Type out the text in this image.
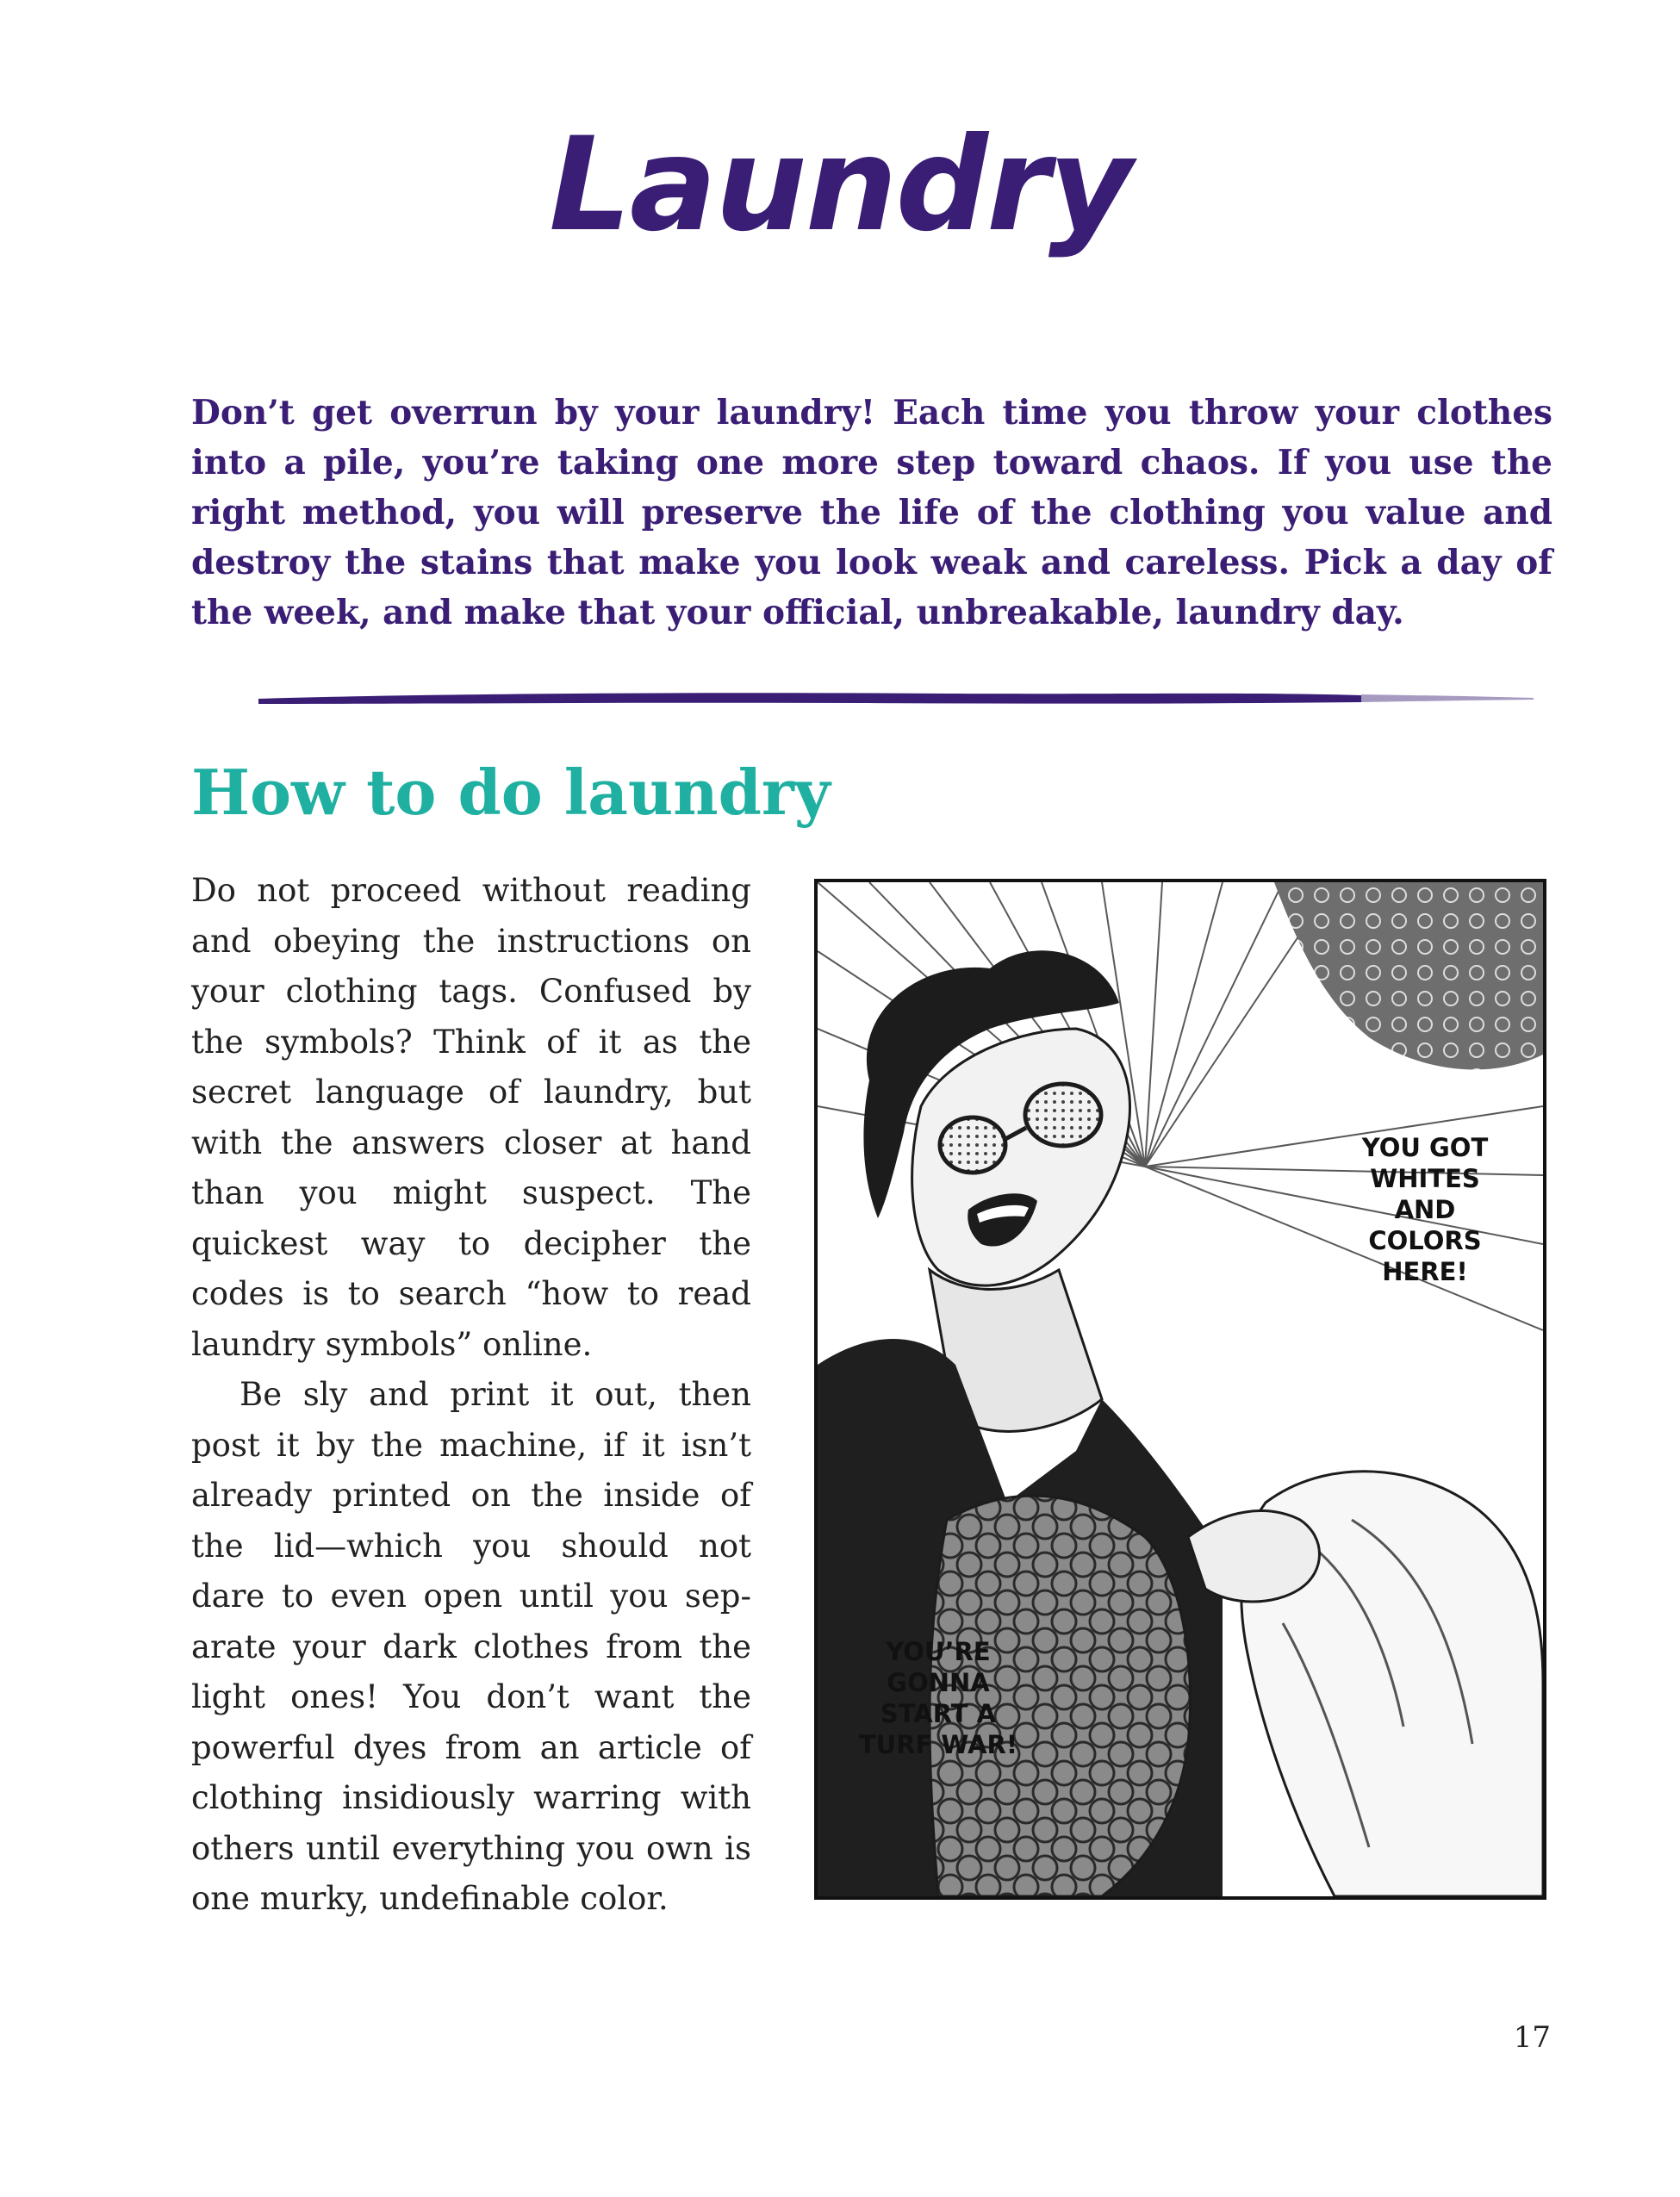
Laundry

Don’t get overrun by your laundry! Each time you throw your clothes into a pile, you’re taking one more step toward chaos. If you use the right method, you will preserve the life of the clothing you value and destroy the stains that make you look weak and careless. Pick a day of the week, and make that your official, unbreakable, laundry day.

How to do laundry

Do not proceed without reading and obeying the instructions on your clothing tags. Confused by the symbols? Think of it as the secret language of laundry, but with the answers closer at hand than you might suspect. The quickest way to decipher the codes is to search “how to read laundry symbols” online.

Be sly and print it out, then post it by the machine, if it isn’t already printed on the inside of the lid—which you should not dare to even open until you sep-arate your dark clothes from the light ones! You don’t want the powerful dyes from an article of clothing insidiously warring with others until everything you own is one murky, undefinable color.

YOU GOT WHITES AND COLORS HERE!
YOU’RE GONNA START A TURF WAR!
17
